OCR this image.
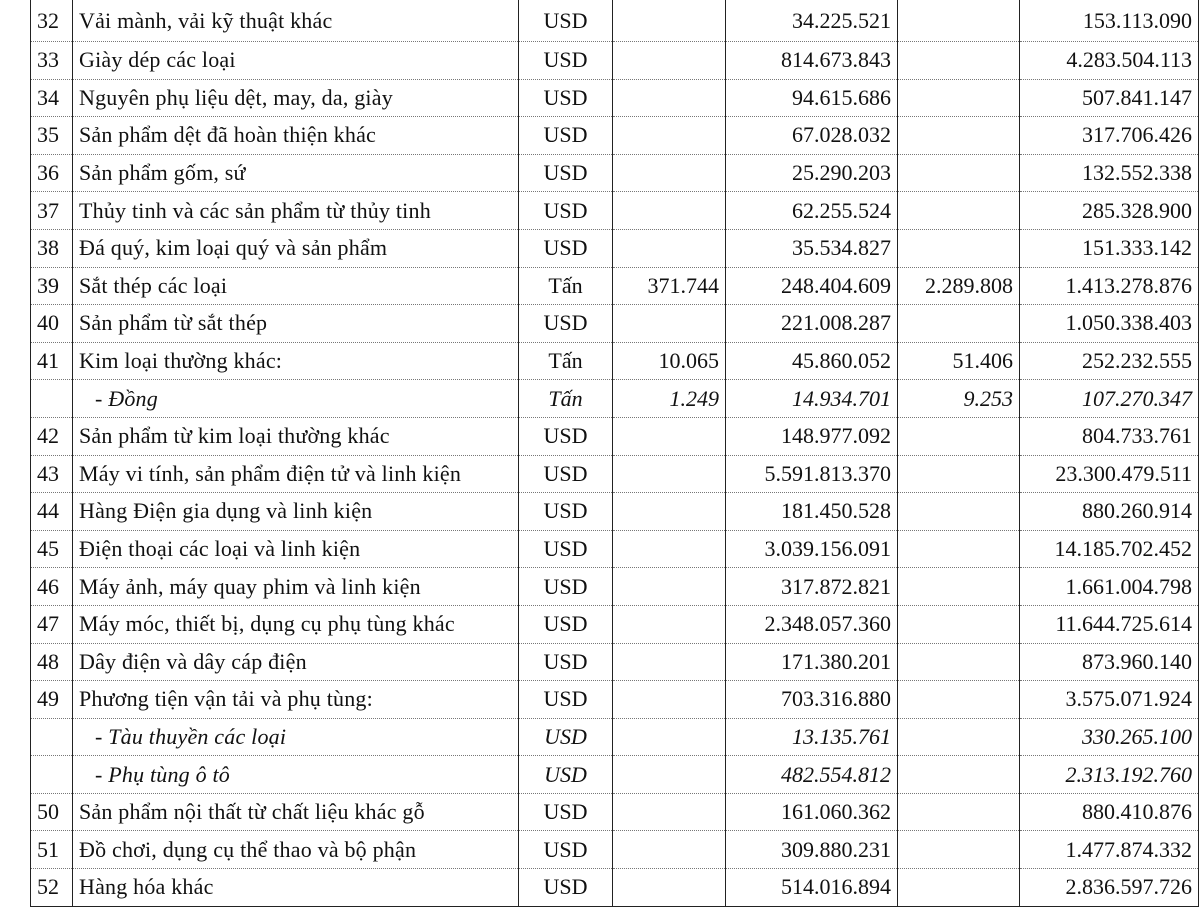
32	Vải mành, vải kỹ thuật khác	USD		34.225.521		153.113.090
33	Giày dép các loại	USD		814.673.843		4.283.504.113
34	Nguyên phụ liệu dệt, may, da, giày	USD		94.615.686		507.841.147
35	Sản phẩm dệt đã hoàn thiện khác	USD		67.028.032		317.706.426
36	Sản phẩm gốm, sứ	USD		25.290.203		132.552.338
37	Thủy tinh và các sản phẩm từ thủy tinh	USD		62.255.524		285.328.900
38	Đá quý, kim loại quý và sản phẩm	USD		35.534.827		151.333.142
39	Sắt thép các loại	Tấn	371.744	248.404.609	2.289.808	1.413.278.876
40	Sản phẩm từ sắt thép	USD		221.008.287		1.050.338.403
41	Kim loại thường khác:	Tấn	10.065	45.860.052	51.406	252.232.555
	- Đồng	Tấn	1.249	14.934.701	9.253	107.270.347
42	Sản phẩm từ kim loại thường khác	USD		148.977.092		804.733.761
43	Máy vi tính, sản phẩm điện tử và linh kiện	USD		5.591.813.370		23.300.479.511
44	Hàng Điện gia dụng và linh kiện	USD		181.450.528		880.260.914
45	Điện thoại các loại và linh kiện	USD		3.039.156.091		14.185.702.452
46	Máy ảnh, máy quay phim và linh kiện	USD		317.872.821		1.661.004.798
47	Máy móc, thiết bị, dụng cụ phụ tùng khác	USD		2.348.057.360		11.644.725.614
48	Dây điện và dây cáp điện	USD		171.380.201		873.960.140
49	Phương tiện vận tải và phụ tùng:	USD		703.316.880		3.575.071.924
	- Tàu thuyền các loại	USD		13.135.761		330.265.100
	- Phụ tùng ô tô	USD		482.554.812		2.313.192.760
50	Sản phẩm nội thất từ chất liệu khác gỗ	USD		161.060.362		880.410.876
51	Đồ chơi, dụng cụ thể thao và bộ phận	USD		309.880.231		1.477.874.332
52	Hàng hóa khác	USD		514.016.894		2.836.597.726
